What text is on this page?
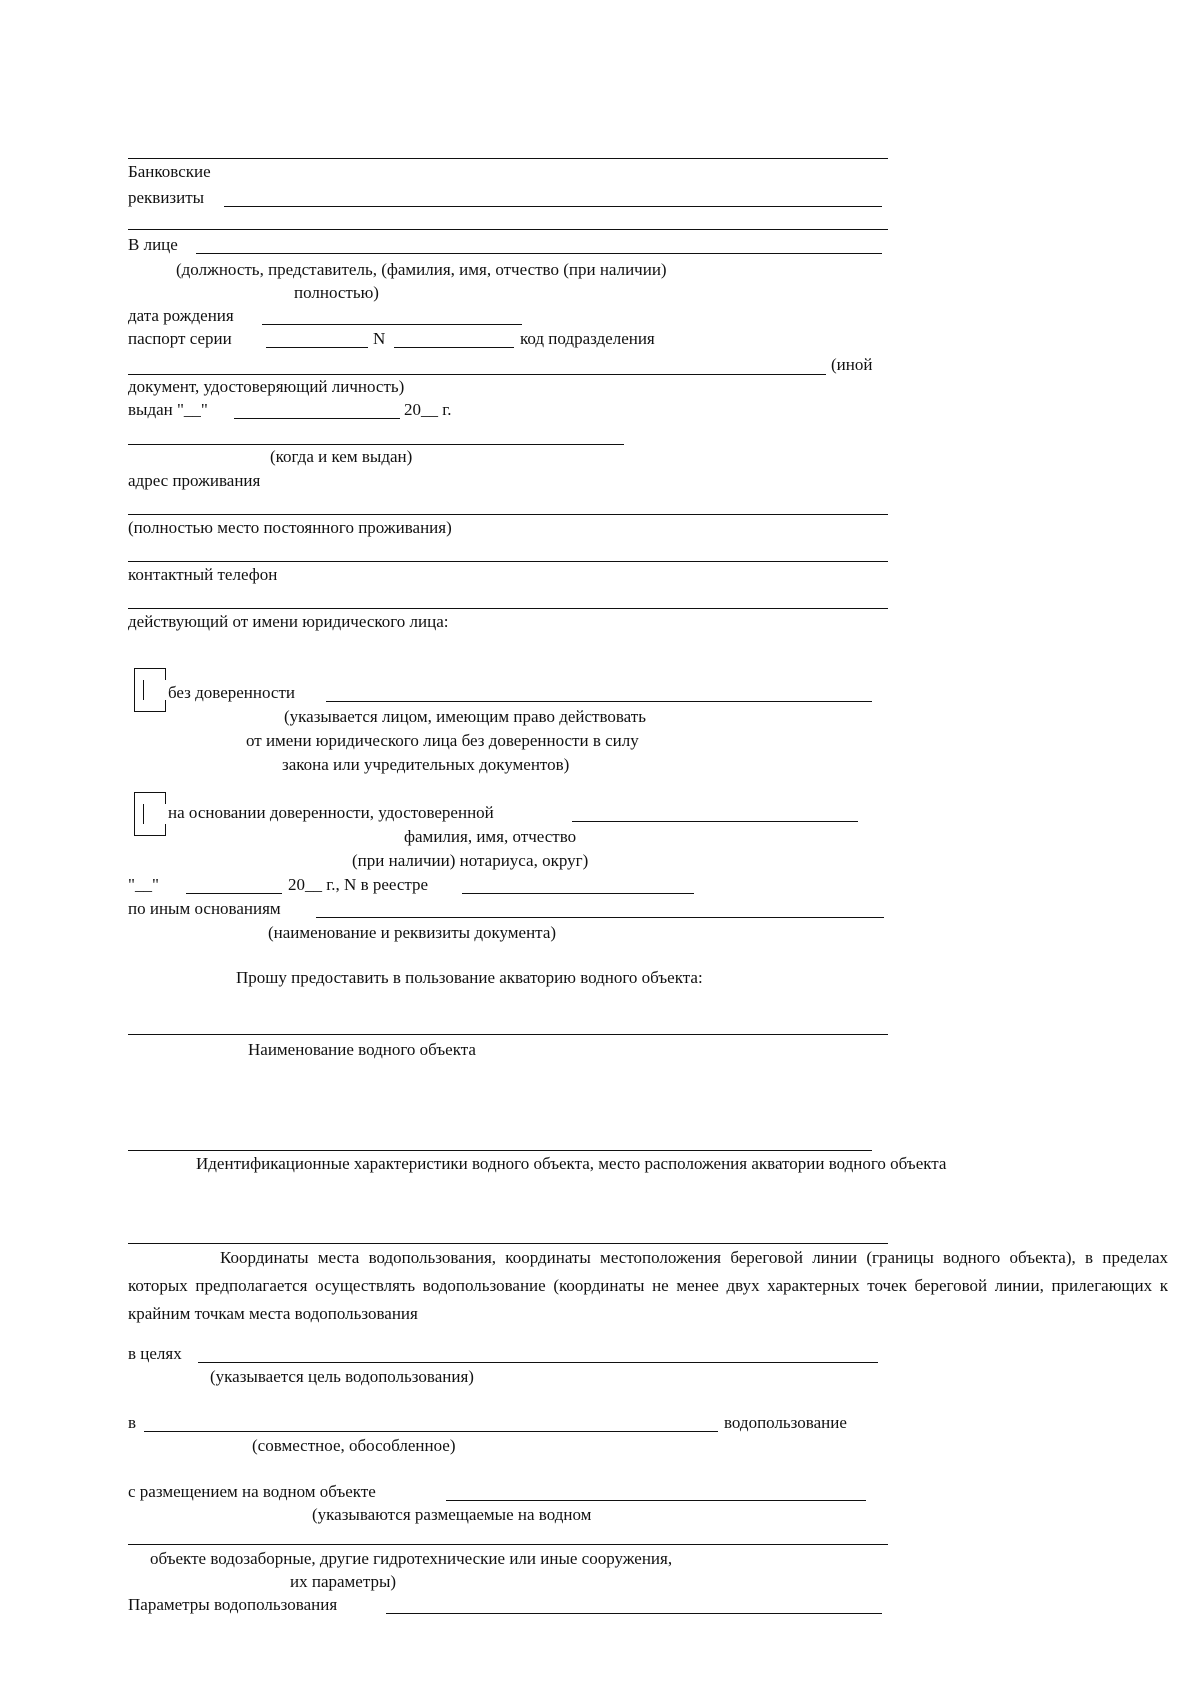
Банковские
реквизиты
В лице
(должность, представитель, (фамилия, имя, отчество (при наличии)
полностью)
дата рождения
паспорт серии	N	код подразделения
(иной
документ, удостоверяющий личность)
выдан "__"	20__ г.
(когда и кем выдан)
адрес проживания
(полностью место постоянного проживания)
контактный телефон
действующий от имени юридического лица:
без доверенности
(указывается лицом, имеющим право действовать
от имени юридического лица без доверенности в силу
закона или учредительных документов)
на основании доверенности, удостоверенной
фамилия, имя, отчество
(при наличии) нотариуса, округ)
"__"	20__ г., N в реестре
по иным основаниям
(наименование и реквизиты документа)
Прошу предоставить в пользование акваторию водного объекта:
Наименование водного объекта
Идентификационные характеристики водного объекта, место расположения акватории водного объекта
Координаты места водопользования, координаты местоположения береговой линии (границы водного объекта), в пределах которых предполагается осуществлять водопользование (координаты не менее двух характерных точек береговой линии, прилегающих к крайним точкам места водопользования
в целях
(указывается цель водопользования)
в	водопользование
(совместное, обособленное)
с размещением на водном объекте
(указываются размещаемые на водном
объекте водозаборные, другие гидротехнические или иные сооружения,
их параметры)
Параметры водопользования
